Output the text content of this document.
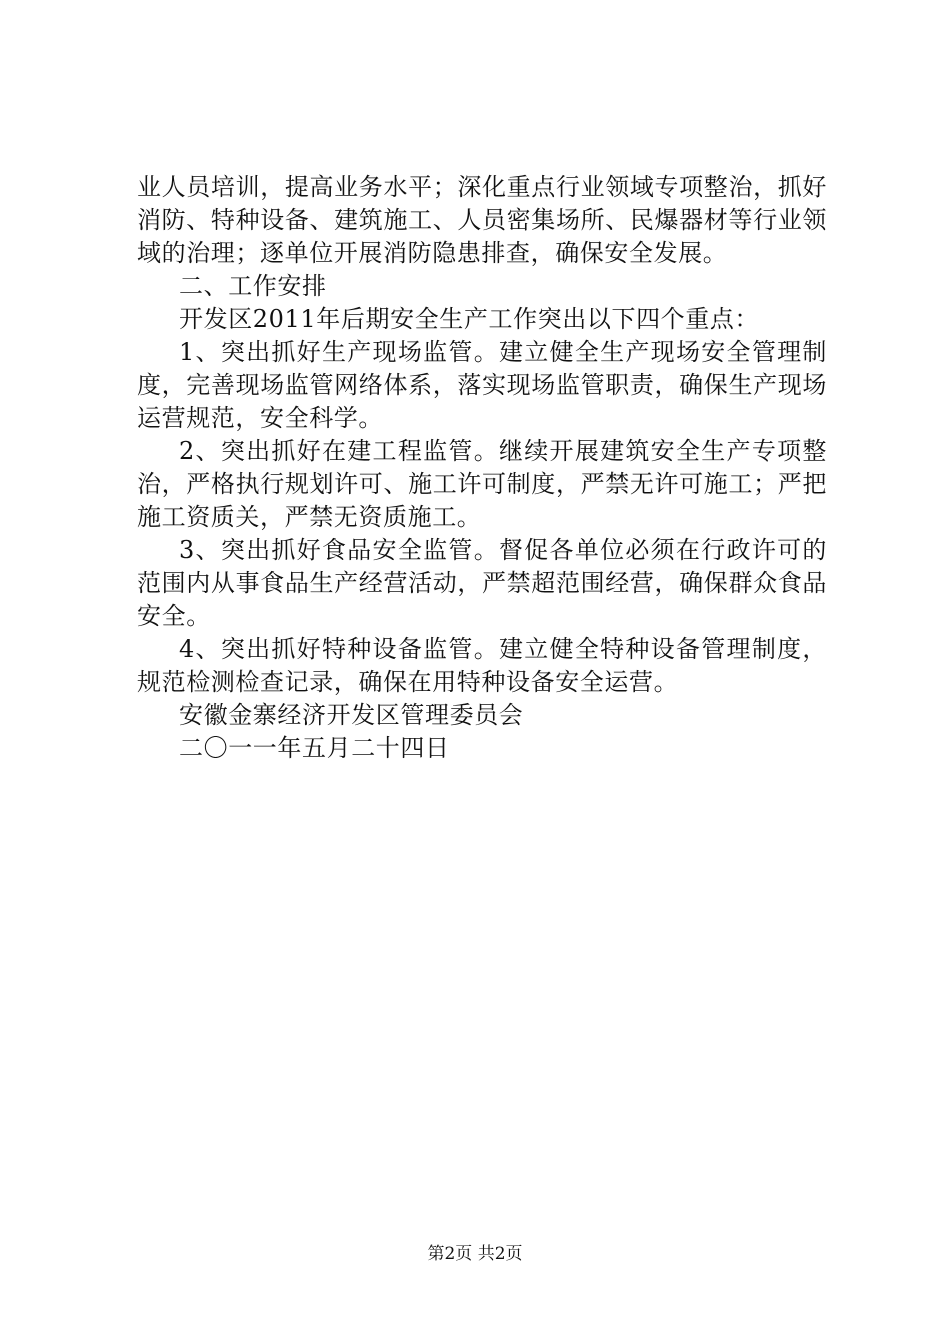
业人员培训，提高业务水平；深化重点行业领域专项整治，抓好消防、特种设备、建筑施工、人员密集场所、民爆器材等行业领域的治理；逐单位开展消防隐患排查，确保安全发展。

二、工作安排

开发区2011年后期安全生产工作突出以下四个重点：

1、突出抓好生产现场监管。建立健全生产现场安全管理制度，完善现场监管网络体系，落实现场监管职责，确保生产现场运营规范，安全科学。

2、突出抓好在建工程监管。继续开展建筑安全生产专项整治，严格执行规划许可、施工许可制度，严禁无许可施工；严把施工资质关，严禁无资质施工。

3、突出抓好食品安全监管。督促各单位必须在行政许可的范围内从事食品生产经营活动，严禁超范围经营，确保群众食品安全。

4、突出抓好特种设备监管。建立健全特种设备管理制度，规范检测检查记录，确保在用特种设备安全运营。

安徽金寨经济开发区管理委员会

二〇一一年五月二十四日

第2页 共2页
